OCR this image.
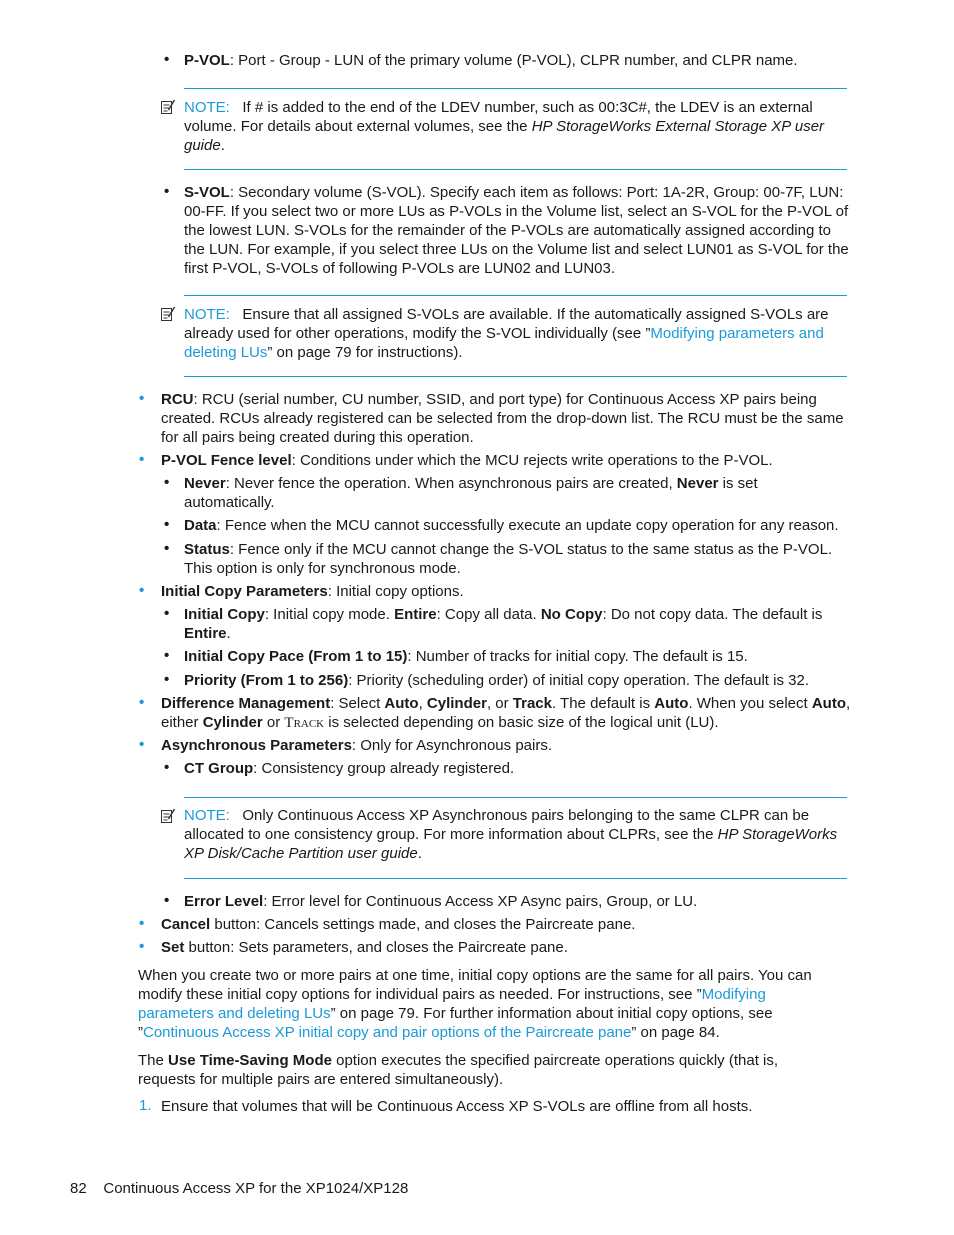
• P-VOL: Port - Group - LUN of the primary volume (P-VOL), CLPR number, and CLPR name.

NOTE: If # is added to the end of the LDEV number, such as 00:3C#, the LDEV is an external volume. For details about external volumes, see the HP StorageWorks External Storage XP user guide.

• S-VOL: Secondary volume (S-VOL). Specify each item as follows: Port: 1A-2R, Group: 00-7F, LUN: 00-FF. If you select two or more LUs as P-VOLs in the Volume list, select an S-VOL for the P-VOL of the lowest LUN. S-VOLs for the remainder of the P-VOLs are automatically assigned according to the LUN. For example, if you select three LUs on the Volume list and select LUN01 as S-VOL for the first P-VOL, S-VOLs of following P-VOLs are LUN02 and LUN03.

NOTE: Ensure that all assigned S-VOLs are available. If the automatically assigned S-VOLs are already used for other operations, modify the S-VOL individually (see ”Modifying parameters and deleting LUs” on page 79 for instructions).

• RCU: RCU (serial number, CU number, SSID, and port type) for Continuous Access XP pairs being created. RCUs already registered can be selected from the drop-down list. The RCU must be the same for all pairs being created during this operation.

• P-VOL Fence level: Conditions under which the MCU rejects write operations to the P-VOL.

• Never: Never fence the operation. When asynchronous pairs are created, Never is set automatically.

• Data: Fence when the MCU cannot successfully execute an update copy operation for any reason.

• Status: Fence only if the MCU cannot change the S-VOL status to the same status as the P-VOL. This option is only for synchronous mode.

• Initial Copy Parameters: Initial copy options.

• Initial Copy: Initial copy mode. Entire: Copy all data. No Copy: Do not copy data. The default is Entire.

• Initial Copy Pace (From 1 to 15): Number of tracks for initial copy. The default is 15.

• Priority (From 1 to 256): Priority (scheduling order) of initial copy operation. The default is 32.

• Difference Management: Select Auto, Cylinder, or Track. The default is Auto. When you select Auto, either Cylinder or Track is selected depending on basic size of the logical unit (LU).

• Asynchronous Parameters: Only for Asynchronous pairs.

• CT Group: Consistency group already registered.

NOTE: Only Continuous Access XP Asynchronous pairs belonging to the same CLPR can be allocated to one consistency group. For more information about CLPRs, see the HP StorageWorks XP Disk/Cache Partition user guide.

• Error Level: Error level for Continuous Access XP Async pairs, Group, or LU.

• Cancel button: Cancels settings made, and closes the Paircreate pane.

• Set button: Sets parameters, and closes the Paircreate pane.

When you create two or more pairs at one time, initial copy options are the same for all pairs. You can modify these initial copy options for individual pairs as needed. For instructions, see ”Modifying parameters and deleting LUs” on page 79. For further information about initial copy options, see ”Continuous Access XP initial copy and pair options of the Paircreate pane” on page 84.

The Use Time-Saving Mode option executes the specified paircreate operations quickly (that is, requests for multiple pairs are entered simultaneously).

1. Ensure that volumes that will be Continuous Access XP S-VOLs are offline from all hosts.

82 Continuous Access XP for the XP1024/XP128
